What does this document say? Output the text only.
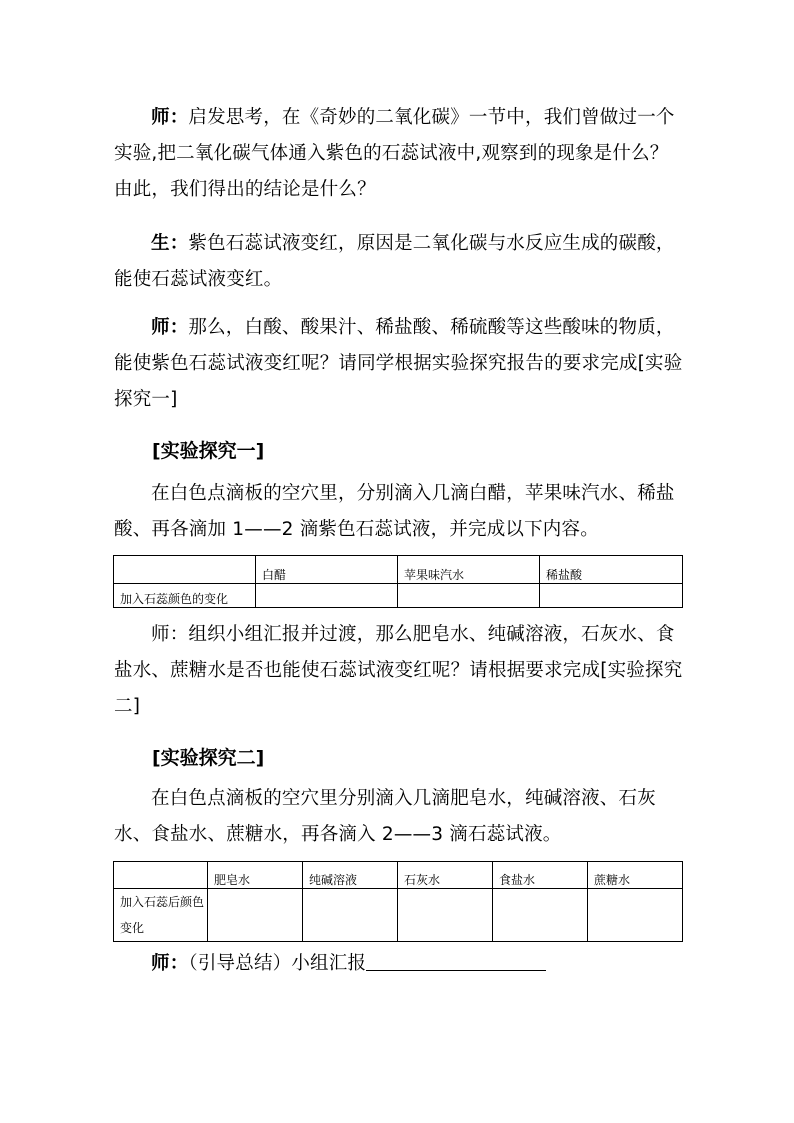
师：启发思考，在《奇妙的二氧化碳》一节中，我们曾做过一个实验,把二氧化碳气体通入紫色的石蕊试液中,观察到的现象是什么？由此，我们得出的结论是什么？
生：紫色石蕊试液变红，原因是二氧化碳与水反应生成的碳酸，能使石蕊试液变红。
师：那么，白酸、酸果汁、稀盐酸、稀硫酸等这些酸味的物质，能使紫色石蕊试液变红呢？请同学根据实验探究报告的要求完成[实验探究一]
[实验探究一]
在白色点滴板的空穴里，分别滴入几滴白醋，苹果味汽水、稀盐酸、再各滴加 1——2 滴紫色石蕊试液，并完成以下内容。
	白醋	苹果味汽水	稀盐酸
加入石蕊颜色的变化			
师：组织小组汇报并过渡，那么肥皂水、纯碱溶液，石灰水、食盐水、蔗糖水是否也能使石蕊试液变红呢？请根据要求完成[实验探究二]
[实验探究二]
在白色点滴板的空穴里分别滴入几滴肥皂水，纯碱溶液、石灰水、食盐水、蔗糖水，再各滴入 2——3 滴石蕊试液。
	肥皂水	纯碱溶液	石灰水	食盐水	蔗糖水
加入石蕊后颜色变化					
师：（引导总结）小组汇报
